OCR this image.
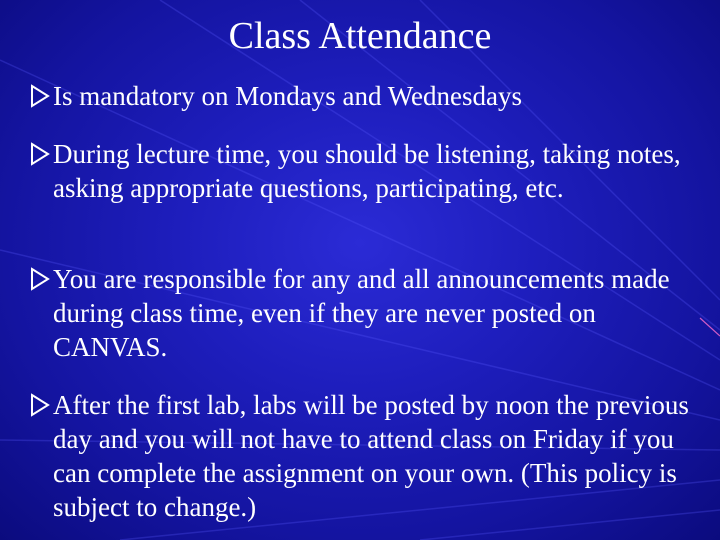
Class Attendance
Is mandatory on Mondays and Wednesdays
During lecture time, you should be listening, taking notes, asking appropriate questions, participating, etc.
You are responsible for any and all announcements made during class time, even if they are never posted on CANVAS.
After the first lab, labs will be posted by noon the previous day and you will not have to attend class on Friday if you can complete the assignment on your own. (This policy is subject to change.)
